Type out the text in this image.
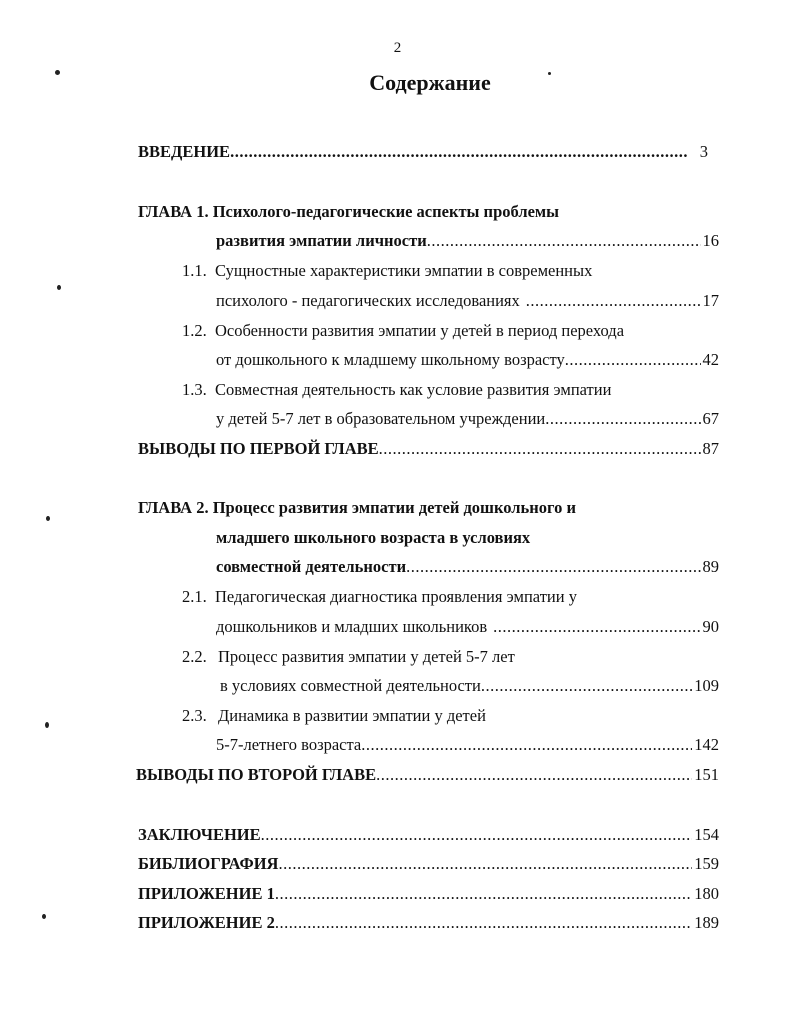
2
Содержание
ВВЕДЕНИЕ .....	3
ГЛАВА 1. Психолого-педагогические аспекты проблемы
развития эмпатии личности .....	16
1.1. Сущностные характеристики эмпатии в современных
психолого - педагогических исследованиях .....	17
1.2. Особенности развития эмпатии у детей в период перехода
от дошкольного к младшему школьному возрасту .....	42
1.3. Совместная деятельность как условие развития эмпатии
у детей 5-7 лет в образовательном учреждении .....	67
ВЫВОДЫ ПО ПЕРВОЙ ГЛАВЕ .....	87
ГЛАВА 2. Процесс развития эмпатии детей дошкольного и
младшего школьного возраста в условиях
совместной деятельности .....	89
2.1. Педагогическая диагностика проявления эмпатии у
дошкольников и младших школьников .....	90
2.2. Процесс развития эмпатии у детей 5-7 лет
в условиях совместной деятельности .....	109
2.3. Динамика в развитии эмпатии у детей
5-7-летнего возраста .....	142
ВЫВОДЫ ПО ВТОРОЙ ГЛАВЕ .....	151
ЗАКЛЮЧЕНИЕ .....	154
БИБЛИОГРАФИЯ .....	159
ПРИЛОЖЕНИЕ 1 .....	180
ПРИЛОЖЕНИЕ 2 .....	189
